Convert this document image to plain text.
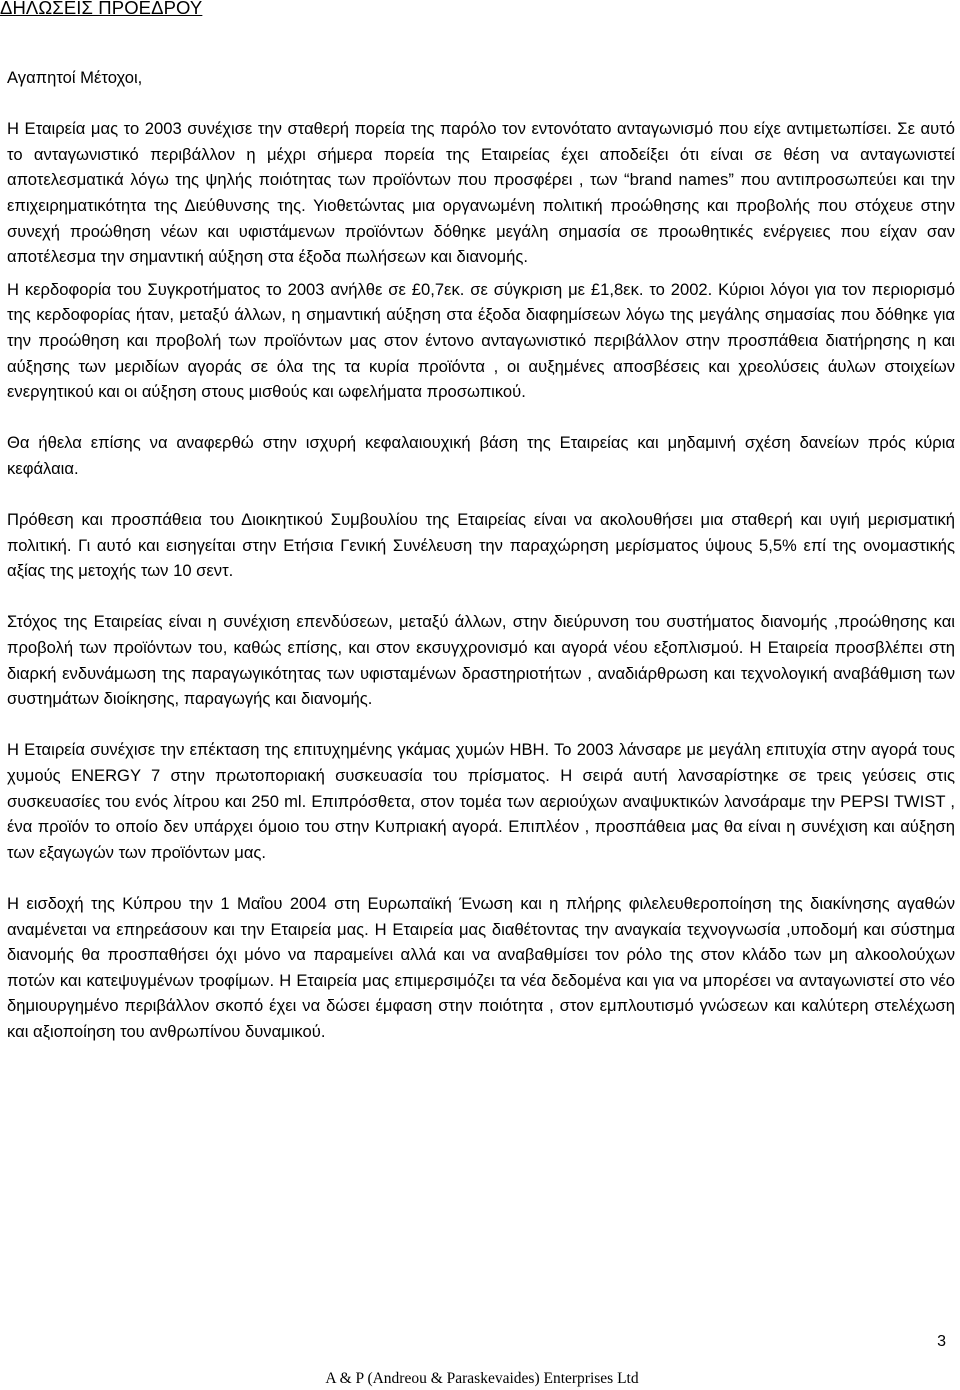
ΔΗΛΩΣΕΙΣ ΠΡΟΕΔΡΟΥ

Αγαπητοί Μέτοχοι,

Η Εταιρεία μας το 2003 συνέχισε την σταθερή πορεία της παρόλο τον εντονότατο ανταγωνισμό που είχε αντιμετωπίσει. Σε αυτό το ανταγωνιστικό περιβάλλον η μέχρι σήμερα πορεία της Εταιρείας έχει αποδείξει ότι είναι σε θέση να ανταγωνιστεί αποτελεσματικά λόγω της ψηλής ποιότητας των προϊόντων που προσφέρει , των “brand names” που αντιπροσωπεύει και την επιχειρηματικότητα της Διεύθυνσης της. Υιοθετώντας μια οργανωμένη πολιτική προώθησης και προβολής που στόχευε στην συνεχή προώθηση νέων και υφιστάμενων προϊόντων δόθηκε μεγάλη σημασία σε προωθητικές ενέργειες που είχαν σαν αποτέλεσμα την σημαντική αύξηση στα έξοδα πωλήσεων και διανομής.

Η κερδοφορία του Συγκροτήματος το 2003 ανήλθε σε £0,7εκ. σε σύγκριση με £1,8εκ. το 2002. Κύριοι λόγοι για τον περιορισμό της κερδοφορίας ήταν, μεταξύ άλλων, η σημαντική αύξηση στα έξοδα διαφημίσεων λόγω της μεγάλης σημασίας που δόθηκε για την προώθηση και προβολή των προϊόντων μας στον έντονο ανταγωνιστικό περιβάλλον στην προσπάθεια διατήρησης η και αύξησης των μεριδίων αγοράς σε όλα της τα κυρία προϊόντα , οι αυξημένες αποσβέσεις και χρεολύσεις άυλων στοιχείων ενεργητικού και οι αύξηση στους μισθούς και ωφελήματα προσωπικού.

Θα ήθελα επίσης να αναφερθώ στην ισχυρή κεφαλαιουχική βάση της Εταιρείας και μηδαμινή σχέση δανείων πρός κύρια κεφάλαια.

Πρόθεση και προσπάθεια του Διοικητικού Συμβουλίου της Εταιρείας είναι να ακολουθήσει μια σταθερή και υγιή μερισματική πολιτική. Γι αυτό και εισηγείται στην Ετήσια Γενική Συνέλευση την παραχώρηση μερίσματος ύψους 5,5% επί της ονομαστικής αξίας της μετοχής των 10 σεντ.

Στόχος της Εταιρείας είναι η συνέχιση επενδύσεων, μεταξύ άλλων, στην διεύρυνση του συστήματος διανομής ,προώθησης και προβολή των προϊόντων του, καθώς επίσης, και στον εκσυγχρονισμό και αγορά νέου εξοπλισμού. Η Εταιρεία προσβλέπει στη διαρκή ενδυνάμωση της παραγωγικότητας των υφισταμένων δραστηριοτήτων , αναδιάρθρωση και τεχνολογική αναβάθμιση των συστημάτων διοίκησης, παραγωγής και διανομής.

Η Εταιρεία συνέχισε την επέκταση της επιτυχημένης γκάμας χυμών ΗΒΗ. Το 2003 λάνσαρε με μεγάλη επιτυχία στην αγορά τους χυμούς ENERGY 7 στην πρωτοποριακή συσκευασία του πρίσματος. Η σειρά αυτή λανσαρίστηκε σε τρεις γεύσεις στις συσκευασίες του ενός λίτρου και 250 ml. Επιπρόσθετα, στον τομέα των αεριούχων αναψυκτικών λανσάραμε την PEPSI TWIST , ένα προϊόν το οποίο δεν υπάρχει όμοιο του στην Κυπριακή αγορά. Επιπλέον , προσπάθεια μας θα είναι η συνέχιση και αύξηση των εξαγωγών των προϊόντων μας.

Η εισδοχή της Κύπρου την 1 Μαΐου 2004 στη Ευρωπαϊκή Ένωση και η πλήρης φιλελευθεροποίηση της διακίνησης αγαθών αναμένεται να επηρεάσουν και την Εταιρεία μας. Η Εταιρεία μας διαθέτοντας την αναγκαία τεχνογνωσία ,υποδομή και σύστημα διανομής θα προσπαθήσει όχι μόνο να παραμείνει αλλά και να αναβαθμίσει τον ρόλο της στον κλάδο των μη αλκοολούχων ποτών και κατεψυγμένων τροφίμων. Η Εταιρεία μας επιμερσιμόζει τα νέα δεδομένα και για να μπορέσει να ανταγωνιστεί στο νέο δημιουργημένο περιβάλλον σκοπό έχει να δώσει έμφαση στην ποιότητα , στον εμπλουτισμό γνώσεων και καλύτερη στελέχωση και αξιοποίηση του ανθρωπίνου δυναμικού.

3
A & P (Andreou & Paraskevaides) Enterprises Ltd
